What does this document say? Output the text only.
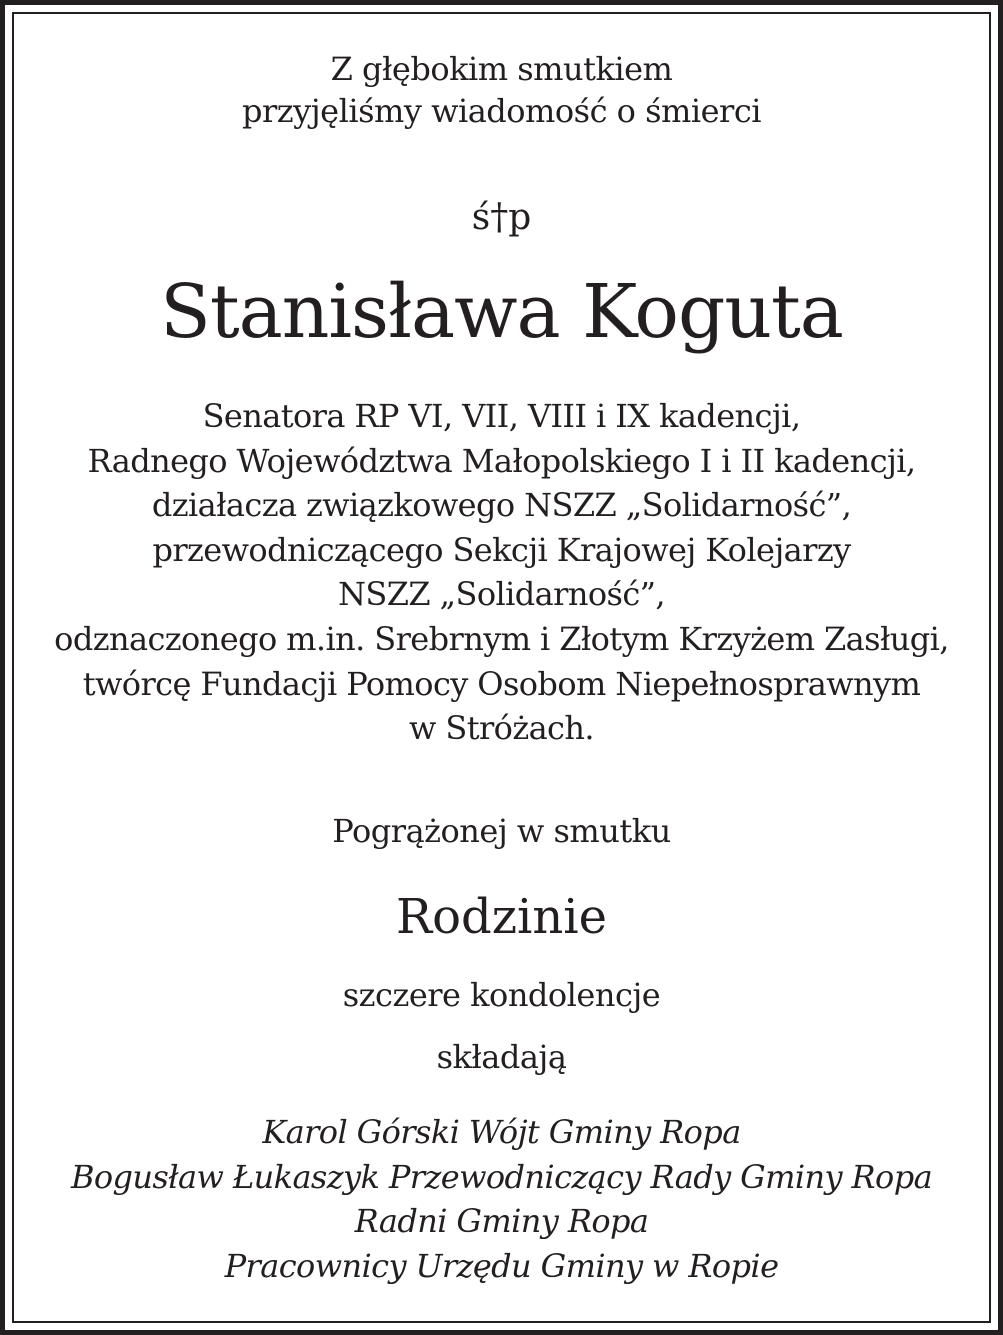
Z głębokim smutkiem
przyjęliśmy wiadomość o śmierci
ś†p
Stanisława Koguta
Senatora RP VI, VII, VIII i IX kadencji,
Radnego Województwa Małopolskiego I i II kadencji,
działacza związkowego NSZZ „Solidarność”,
przewodniczącego Sekcji Krajowej Kolejarzy
NSZZ „Solidarność”,
odznaczonego m.in. Srebrnym i Złotym Krzyżem Zasługi,
twórcę Fundacji Pomocy Osobom Niepełnosprawnym
w Stróżach.
Pogrążonej w smutku
Rodzinie
szczere kondolencje
składają
Karol Górski Wójt Gminy Ropa
Bogusław Łukaszyk Przewodniczący Rady Gminy Ropa
Radni Gminy Ropa
Pracownicy Urzędu Gminy w Ropie
